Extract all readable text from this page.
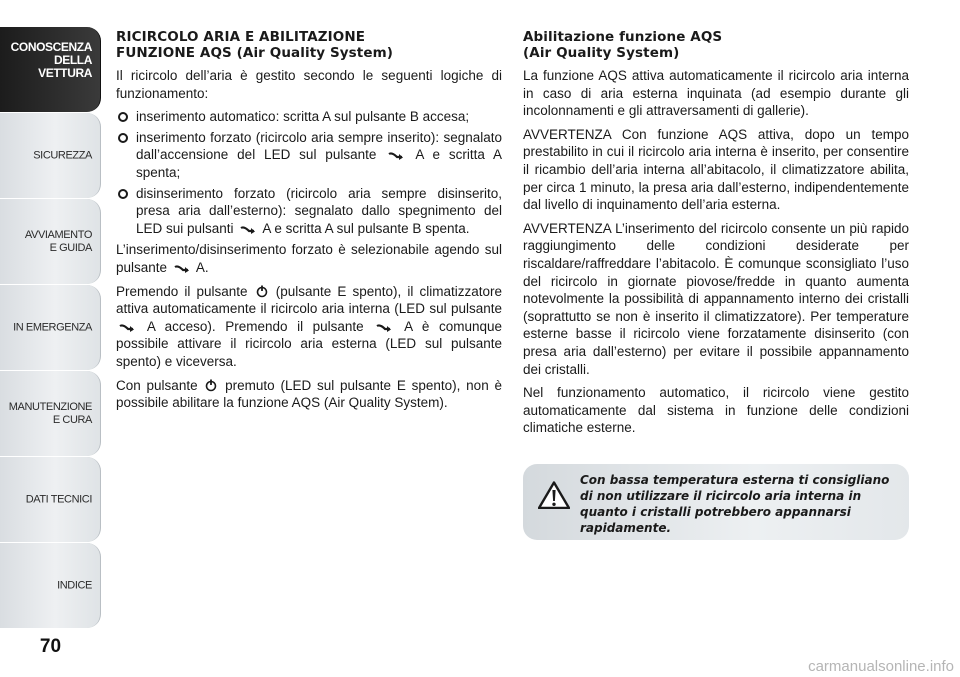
CONOSCENZA
DELLA
VETTURA
SICUREZZA
AVVIAMENTO
E GUIDA
IN EMERGENZA
MANUTENZIONE
E CURA
DATI TECNICI
INDICE
70
RICIRCOLO ARIA E ABILITAZIONE
FUNZIONE AQS (Air Quality System)

Il ricircolo dell’aria è gestito secondo le seguenti logiche di funzionamento:

inserimento automatico: scritta A sul pulsante B accesa;
inserimento forzato (ricircolo aria sempre inserito): segnalato dall’accensione del LED sul pulsante	A e scritta A spenta;
disinserimento forzato (ricircolo aria sempre disinserito, presa aria dall’esterno): segnalato dallo spegnimento del LED sui pulsanti A e scritta A sul pulsante B spenta.

L’inserimento/disinserimento forzato è selezionabile agendo sul pulsante A.

Premendo il pulsante (pulsante E spento), il climatizzatore attiva automaticamente il ricircolo aria interna (LED sul pulsante  A acceso). Premendo il pulsante	A è comunque possibile attivare il ricircolo aria esterna (LED sul pulsante spento) e viceversa.

Con pulsante premuto (LED sul pulsante E spento), non è possibile abilitare la funzione AQS (Air Quality System).

Abilitazione funzione AQS
(Air Quality System)

La funzione AQS attiva automaticamente il ricircolo aria interna in caso di aria esterna inquinata (ad esempio durante gli incolonnamenti e gli attraversamenti di gallerie).

AVVERTENZA Con funzione AQS attiva, dopo un tempo prestabilito in cui il ricircolo aria interna è inserito, per consentire il ricambio dell’aria interna all’abitacolo, il climatizzatore abilita, per circa 1 minuto, la presa aria dall’esterno, indipendentemente dal livello di inquinamento dell’aria esterna.

AVVERTENZA L’inserimento del ricircolo consente un più rapido raggiungimento delle condizioni desiderate per riscaldare/raffreddare l’abitacolo. È comunque sconsigliato l’uso del ricircolo in giornate piovose/fredde in quanto aumenta notevolmente la possibilità di appannamento interno dei cristalli (soprattutto se non è inserito il climatizzatore). Per temperature esterne basse il ricircolo viene forzatamente disinserito (con presa aria dall’esterno) per evitare il possibile appannamento dei cristalli.

Nel funzionamento automatico, il ricircolo viene gestito automaticamente dal sistema in funzione delle condizioni climatiche esterne.

Con bassa temperatura esterna ti consigliano di non utilizzare il ricircolo aria interna in quanto i cristalli potrebbero appannarsi rapidamente.

carmanualsonline.info
